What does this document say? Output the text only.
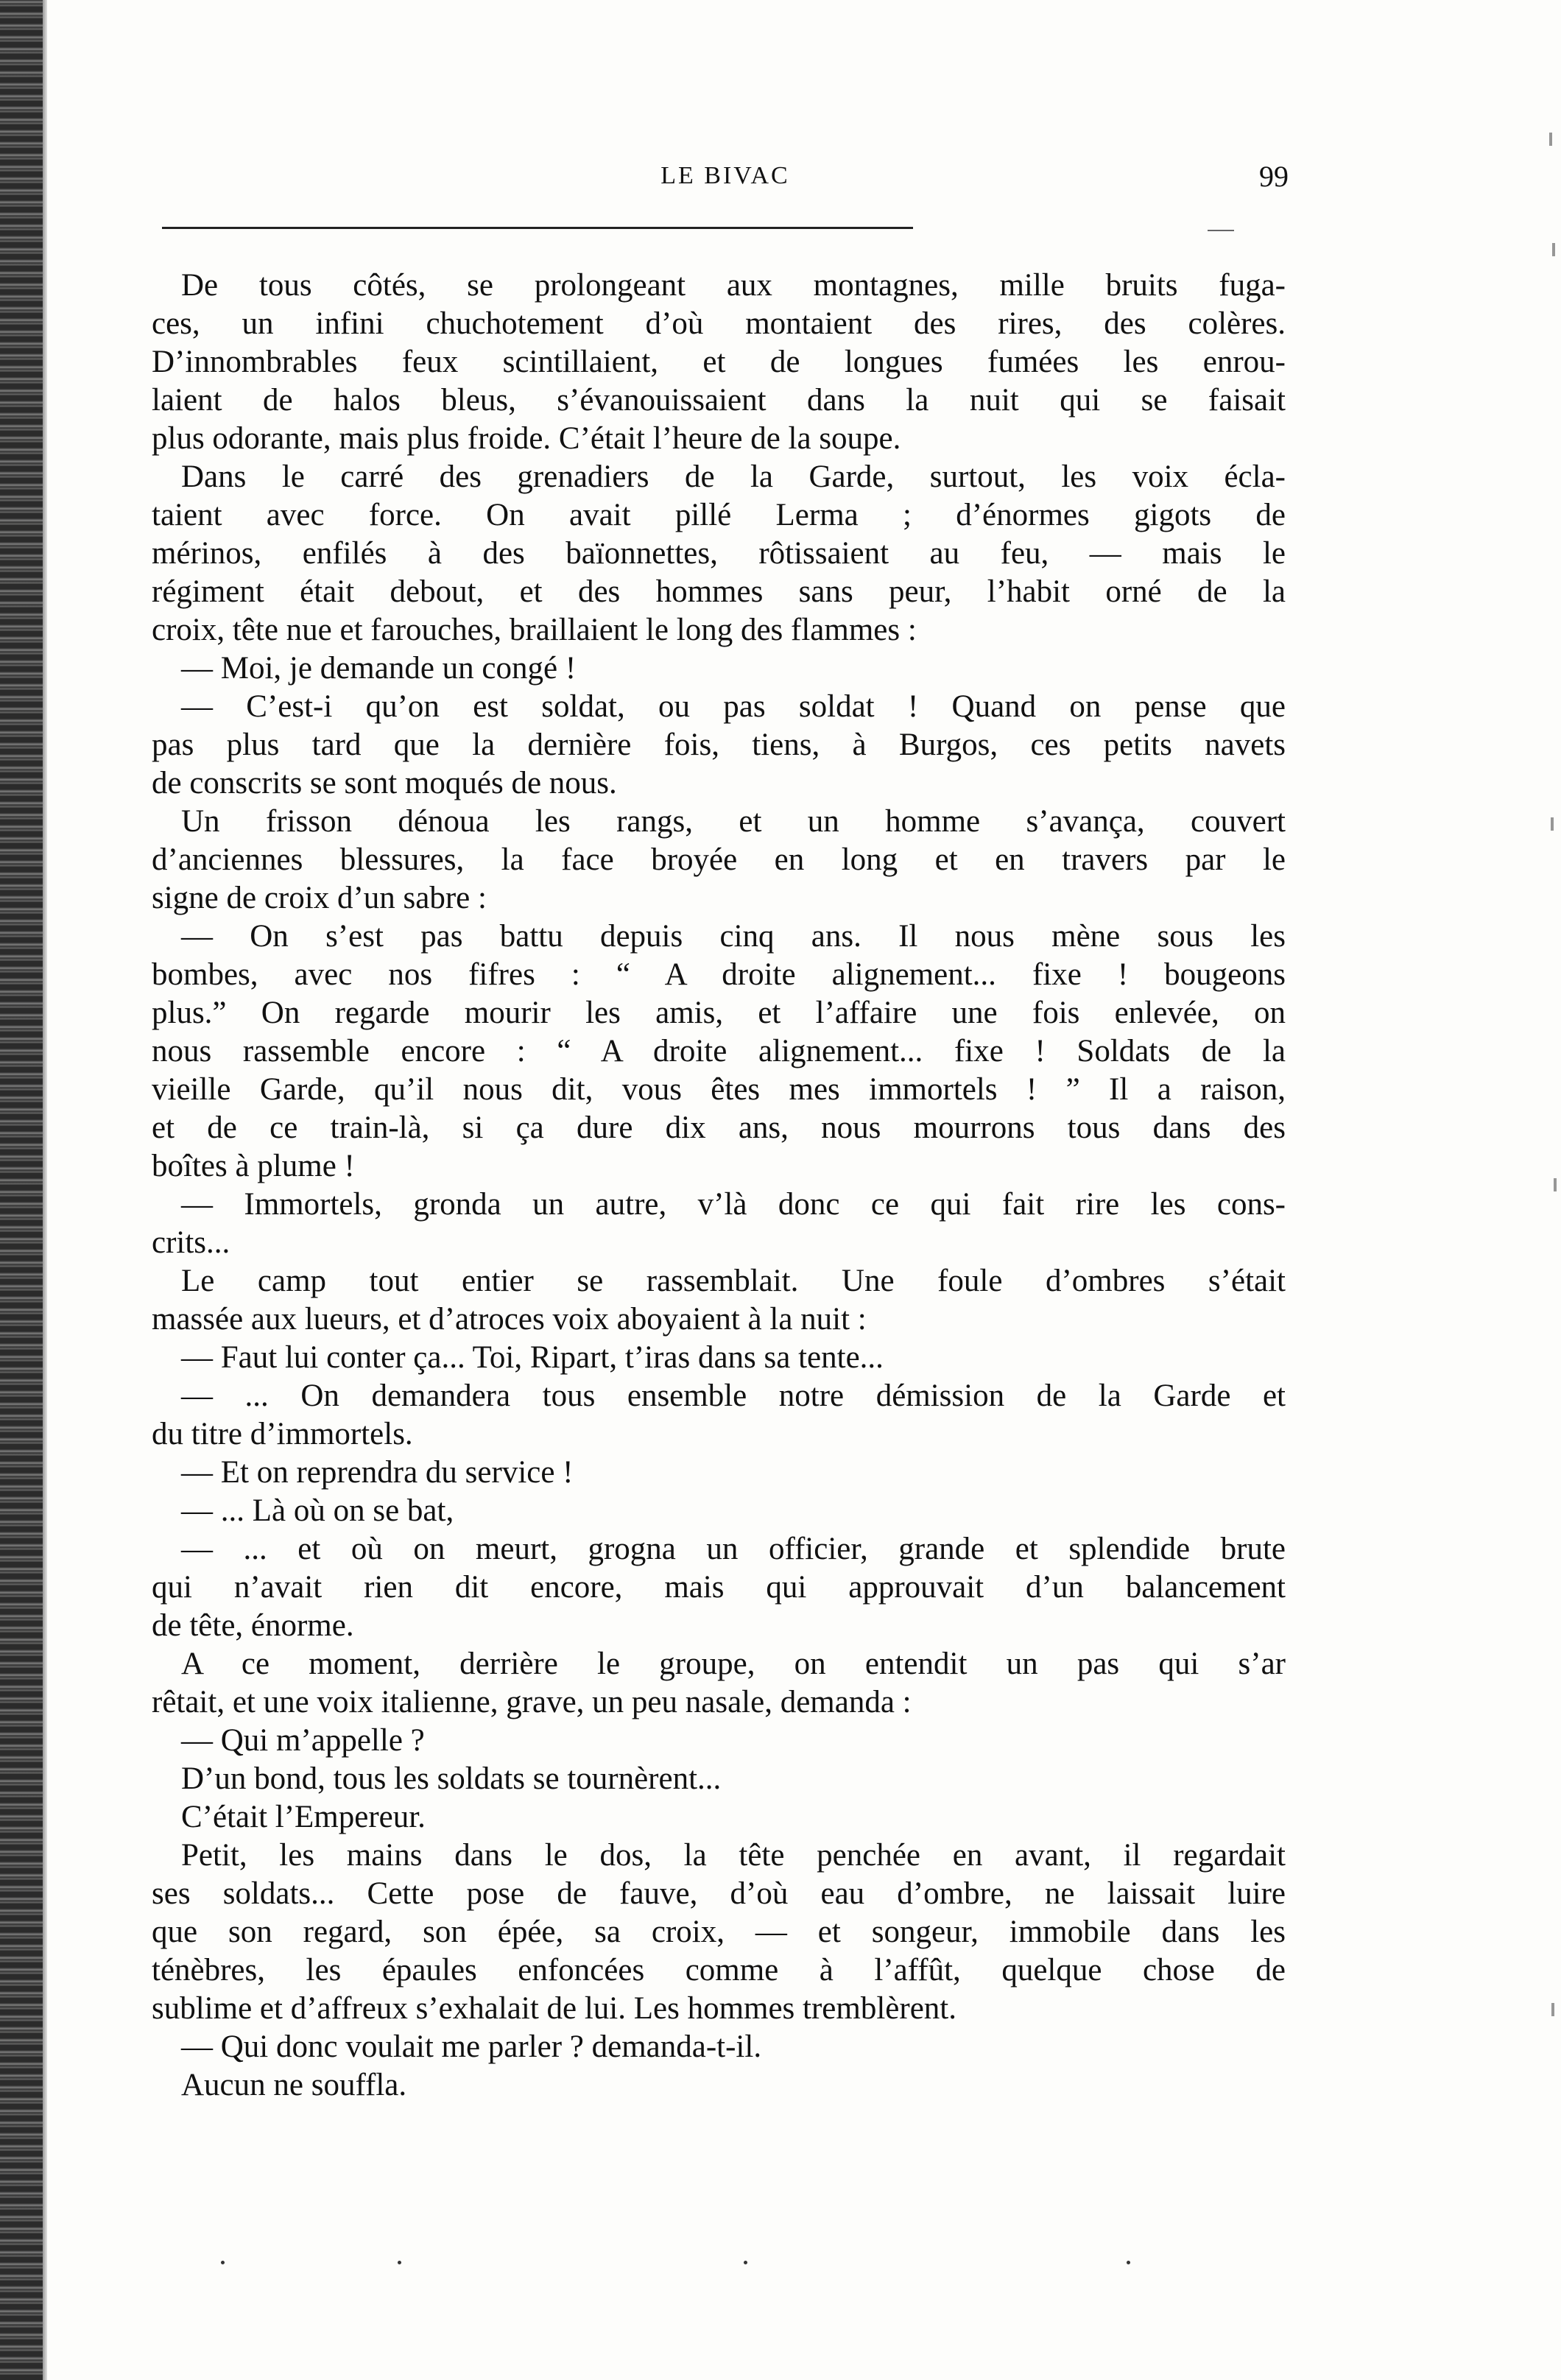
LE BIVAC	99
De tous côtés, se prolongeant aux montagnes, mille bruits fuga-
ces, un infini chuchotement d’où montaient des rires, des colères.
D’innombrables feux scintillaient, et de longues fumées les enrou-
laient de halos bleus, s’évanouissaient dans la nuit qui se faisait
plus odorante, mais plus froide. C’était l’heure de la soupe.
Dans le carré des grenadiers de la Garde, surtout, les voix écla-
taient avec force. On avait pillé Lerma ; d’énormes gigots de
mérinos, enfilés à des baïonnettes, rôtissaient au feu, — mais le
régiment était debout, et des hommes sans peur, l’habit orné de la
croix, tête nue et farouches, braillaient le long des flammes :
— Moi, je demande un congé !
— C’est-i qu’on est soldat, ou pas soldat ! Quand on pense que
pas plus tard que la dernière fois, tiens, à Burgos, ces petits navets
de conscrits se sont moqués de nous.
Un frisson dénoua les rangs, et un homme s’avança, couvert
d’anciennes blessures, la face broyée en long et en travers par le
signe de croix d’un sabre :
— On s’est pas battu depuis cinq ans. Il nous mène sous les
bombes, avec nos fifres : “ A droite alignement... fixe ! bougeons
plus.” On regarde mourir les amis, et l’affaire une fois enlevée, on
nous rassemble encore : “ A droite alignement... fixe ! Soldats de la
vieille Garde, qu’il nous dit, vous êtes mes immortels ! ” Il a raison,
et de ce train-là, si ça dure dix ans, nous mourrons tous dans des
boîtes à plume !
— Immortels, gronda un autre, v’là donc ce qui fait rire les cons-
crits...
Le camp tout entier se rassemblait. Une foule d’ombres s’était
massée aux lueurs, et d’atroces voix aboyaient à la nuit :
— Faut lui conter ça... Toi, Ripart, t’iras dans sa tente...
— ... On demandera tous ensemble notre démission de la Garde et
du titre d’immortels.
— Et on reprendra du service !
— ... Là où on se bat,
— ... et où on meurt, grogna un officier, grande et splendide brute
qui n’avait rien dit encore, mais qui approuvait d’un balancement
de tête, énorme.
A ce moment, derrière le groupe, on entendit un pas qui s’ar
rêtait, et une voix italienne, grave, un peu nasale, demanda :
— Qui m’appelle ?
D’un bond, tous les soldats se tournèrent...
C’était l’Empereur.
Petit, les mains dans le dos, la tête penchée en avant, il regardait
ses soldats... Cette pose de fauve, d’où eau d’ombre, ne laissait luire
que son regard, son épée, sa croix, — et songeur, immobile dans les
ténèbres, les épaules enfoncées comme à l’affût, quelque chose de
sublime et d’affreux s’exhalait de lui. Les hommes tremblèrent.
— Qui donc voulait me parler ? demanda-t-il.
Aucun ne souffla.
